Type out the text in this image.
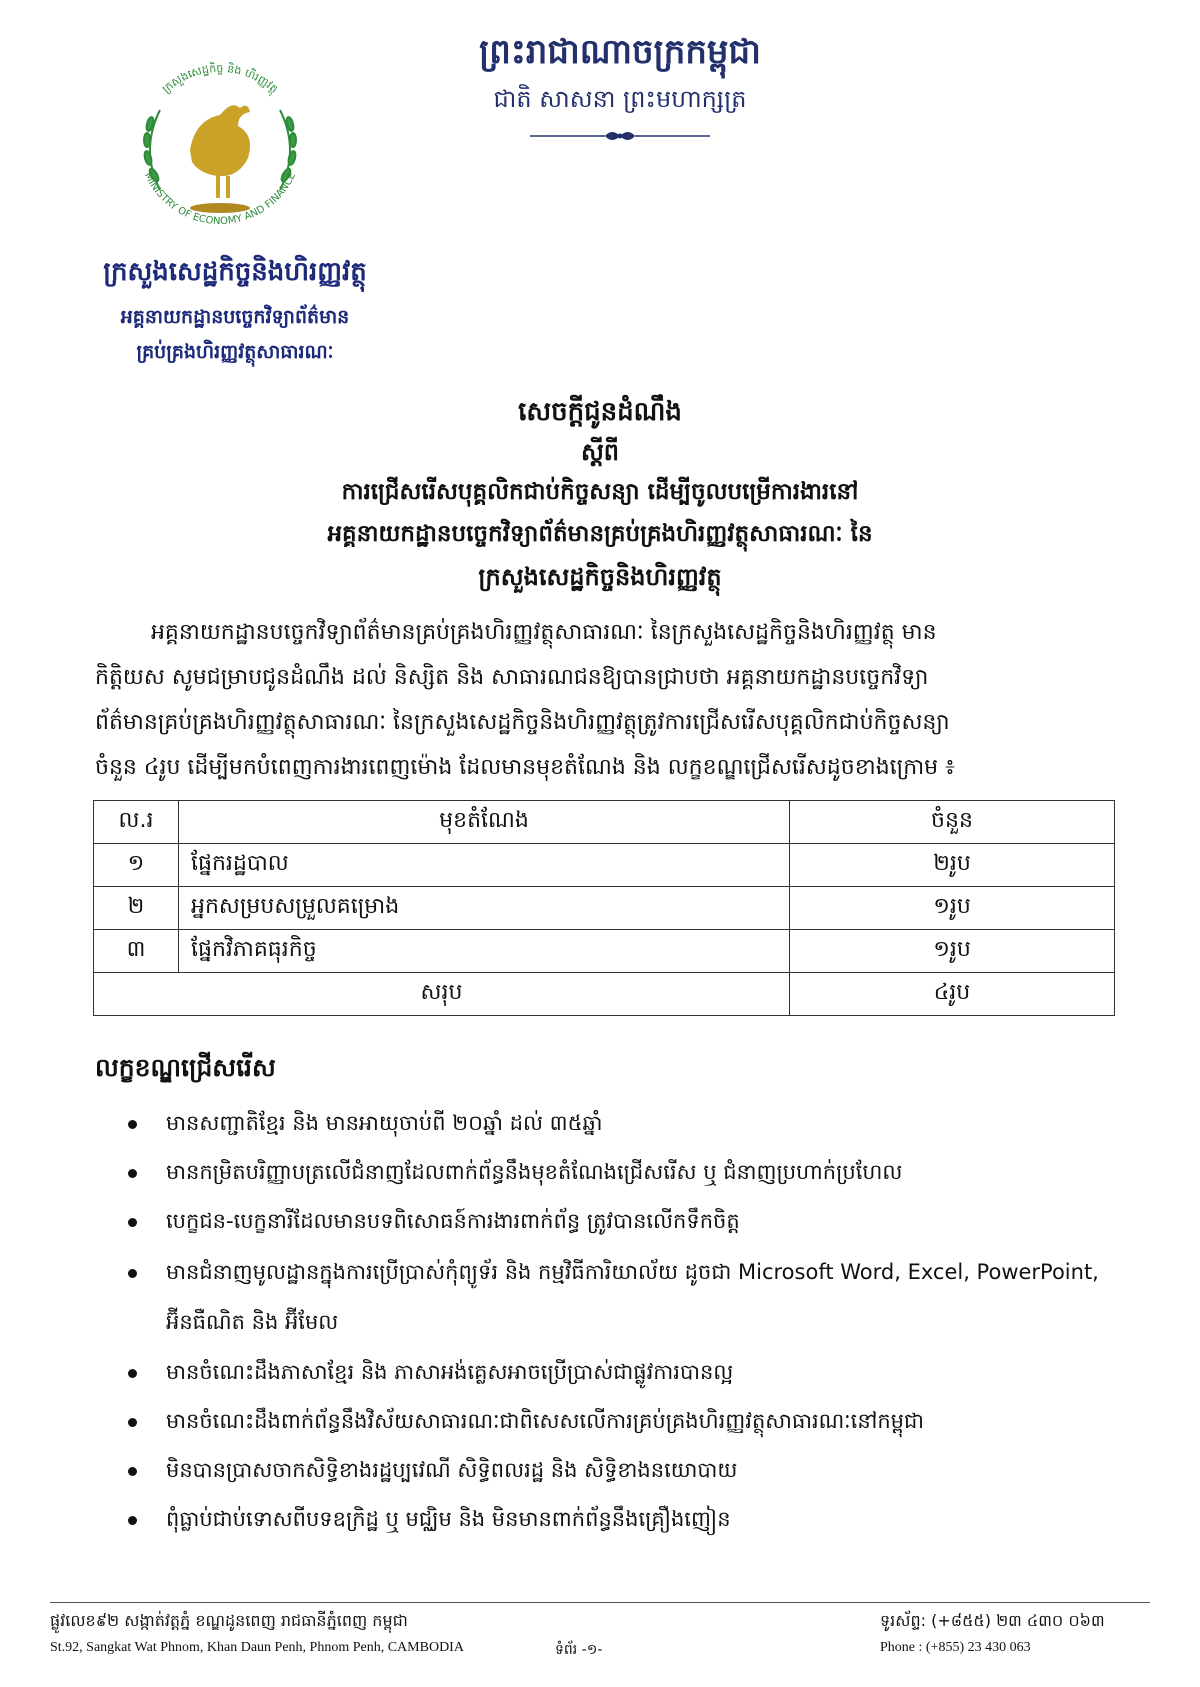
ព្រះរាជាណាចក្រកម្ពុជា
ជាតិ សាសនា ព្រះមហាក្សត្រ
ក្រសួងសេដ្ឋកិច្ច និង ហិរញ្ញវត្ថុ
MINISTRY OF ECONOMY AND FINANCE
ក្រសួងសេដ្ឋកិច្ចនិងហិរញ្ញវត្ថុ
អគ្គនាយកដ្ឋានបច្ចេកវិទ្យាព័ត៌មាន
គ្រប់គ្រងហិរញ្ញវត្ថុសាធារណៈ
សេចក្តីជូនដំណឹង
ស្តីពី
ការជ្រើសរើសបុគ្គលិកជាប់កិច្ចសន្យា ដើម្បីចូលបម្រើការងារនៅ
អគ្គនាយកដ្ឋានបច្ចេកវិទ្យាព័ត៌មានគ្រប់គ្រងហិរញ្ញវត្ថុសាធារណៈ នៃ
ក្រសួងសេដ្ឋកិច្ចនិងហិរញ្ញវត្ថុ
អគ្គនាយកដ្ឋានបច្ចេកវិទ្យាព័ត៌មានគ្រប់គ្រងហិរញ្ញវត្ថុសាធារណៈ នៃក្រសួងសេដ្ឋកិច្ចនិងហិរញ្ញវត្ថុ មាន
កិត្តិយស សូមជម្រាបជូនដំណឹង ដល់ និស្សិត និង សាធារណជនឱ្យបានជ្រាបថា អគ្គនាយកដ្ឋានបច្ចេកវិទ្យា
ព័ត៌មានគ្រប់គ្រងហិរញ្ញវត្ថុសាធារណៈ នៃក្រសួងសេដ្ឋកិច្ចនិងហិរញ្ញវត្ថុត្រូវការជ្រើសរើសបុគ្គលិកជាប់កិច្ចសន្យា
ចំនួន ៤រូប ដើម្បីមកបំពេញការងារពេញម៉ោង ដែលមានមុខតំណែង និង លក្ខខណ្ឌជ្រើសរើសដូចខាងក្រោម ៖
ល.រ	មុខតំណែង	ចំនួន
១	ផ្នែករដ្ឋបាល	២រូប
២	អ្នកសម្របសម្រួលគម្រោង	១រូប
៣	ផ្នែកវិភាគធុរកិច្ច	១រូប
សរុប		៤រូប
លក្ខខណ្ឌជ្រើសរើស
មានសញ្ជាតិខ្មែរ និង មានអាយុចាប់ពី ២០ឆ្នាំ ដល់ ៣៥ឆ្នាំ
មានកម្រិតបរិញ្ញាបត្រលើជំនាញដែលពាក់ព័ន្ធនឹងមុខតំណែងជ្រើសរើស ឬ ជំនាញប្រហាក់ប្រហែល
បេក្ខជន-បេក្ខនារីដែលមានបទពិសោធន៍ការងារពាក់ព័ន្ធ ត្រូវបានលើកទឹកចិត្ត
មានជំនាញមូលដ្ឋានក្នុងការប្រើប្រាស់កុំព្យូទ័រ និង កម្មវិធីការិយាល័យ ដូចជា Microsoft Word, Excel, PowerPoint, អ៊ីនធឺណិត និង អ៊ីមែល
មានចំណេះដឹងភាសាខ្មែរ និង ភាសាអង់គ្លេសអាចប្រើប្រាស់ជាផ្លូវការបានល្អ
មានចំណេះដឹងពាក់ព័ន្ធនឹងវិស័យសាធារណៈជាពិសេសលើការគ្រប់គ្រងហិរញ្ញវត្ថុសាធារណៈនៅកម្ពុជា
មិនបានប្រាសចាកសិទ្ធិខាងរដ្ឋប្បវេណី សិទ្ធិពលរដ្ឋ និង សិទ្ធិខាងនយោបាយ
ពុំធ្លាប់ជាប់ទោសពីបទឧក្រិដ្ឋ ឬ មជ្ឈិម និង មិនមានពាក់ព័ន្ធនឹងគ្រឿងញៀន
ផ្លូវលេខ៩២ សង្កាត់វត្តភ្នំ ខណ្ឌដូនពេញ រាជធានីភ្នំពេញ កម្ពុជា
St.92, Sangkat Wat Phnom, Khan Daun Penh, Phnom Penh, CAMBODIA	ទំព័រ -១-
ទូរស័ព្ទ: (+៨៥៥) ២៣ ៤៣០ ០៦៣
Phone : (+855) 23 430 063
